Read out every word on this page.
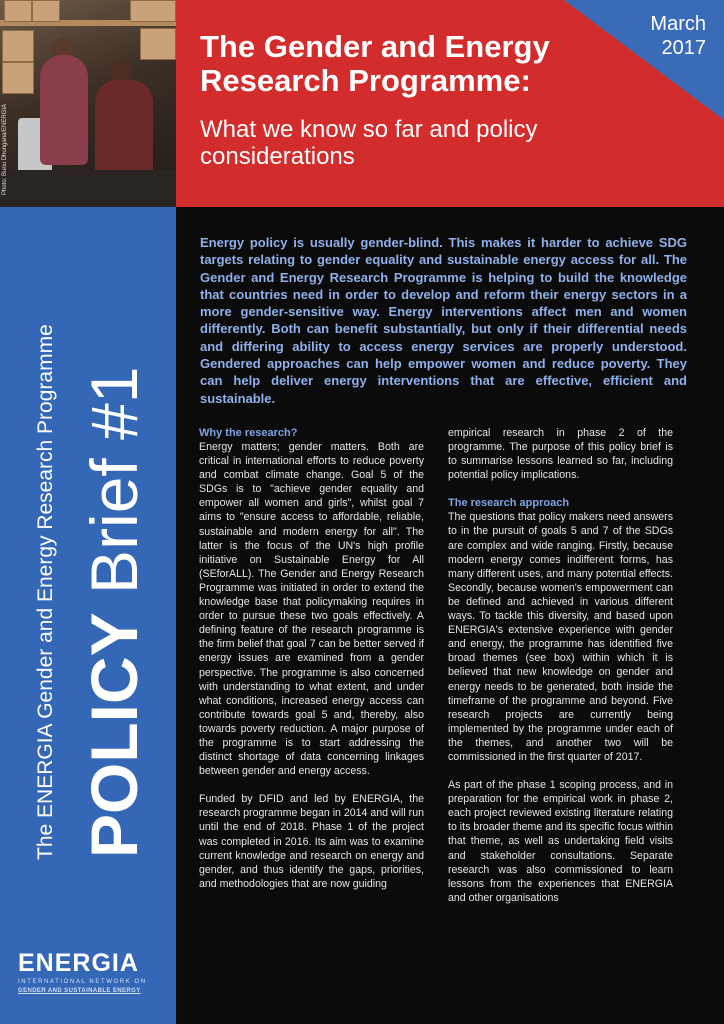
Photo: Bunu Dhungana/ENERGIA
March 2017
The Gender and Energy Research Programme:
What we know so far and policy considerations
The ENERGIA Gender and Energy Research Programme POLICY Brief #1
ENERGIA
INTERNATIONAL NETWORK ON
GENDER AND SUSTAINABLE ENERGY
Energy policy is usually gender-blind. This makes it harder to achieve SDG targets relating to gender equality and sustainable energy access for all. The Gender and Energy Research Programme is helping to build the knowledge that countries need in order to develop and reform their energy sectors in a more gender-sensitive way. Energy interventions affect men and women differently. Both can benefit substantially, but only if their differential needs and differing ability to access energy services are properly understood. Gendered approaches can help empower women and reduce poverty. They can help deliver energy interventions that are effective, efficient and sustainable.
Why the research?

Energy matters; gender matters. Both are critical in international efforts to reduce poverty and combat climate change. Goal 5 of the SDGs is to "achieve gender equality and empower all women and girls", whilst goal 7 aims to "ensure access to affordable, reliable, sustainable and modern energy for all". The latter is the focus of the UN's high profile initiative on Sustainable Energy for All (SEforALL). The Gender and Energy Research Programme was initiated in order to extend the knowledge base that policymaking requires in order to pursue these two goals effectively. A defining feature of the research programme is the firm belief that goal 7 can be better served if energy issues are examined from a gender perspective. The programme is also concerned with understanding to what extent, and under what conditions, increased energy access can contribute towards goal 5 and, thereby, also towards poverty reduction. A major purpose of the programme is to start addressing the distinct shortage of data concerning linkages between gender and energy access.

Funded by DFID and led by ENERGIA, the research programme began in 2014 and will run until the end of 2018. Phase 1 of the project was completed in 2016. Its aim was to examine current knowledge and research on energy and gender, and thus identify the gaps, priorities, and methodologies that are now guiding

empirical research in phase 2 of the programme. The purpose of this policy brief is to summarise lessons learned so far, including potential policy implications.

The research approach

The questions that policy makers need answers to in the pursuit of goals 5 and 7 of the SDGs are complex and wide ranging. Firstly, because modern energy comes indifferent forms, has many different uses, and many potential effects. Secondly, because women's empowerment can be defined and achieved in various different ways. To tackle this diversity, and based upon ENERGIA's extensive experience with gender and energy, the programme has identified five broad themes (see box) within which it is believed that new knowledge on gender and energy needs to be generated, both inside the timeframe of the programme and beyond. Five research projects are currently being implemented by the programme under each of the themes, and another two will be commissioned in the first quarter of 2017.

As part of the phase 1 scoping process, and in preparation for the empirical work in phase 2, each project reviewed existing literature relating to its broader theme and its specific focus within that theme, as well as undertaking field visits and stakeholder consultations. Separate research was also commissioned to learn lessons from the experiences that ENERGIA and other organisations
